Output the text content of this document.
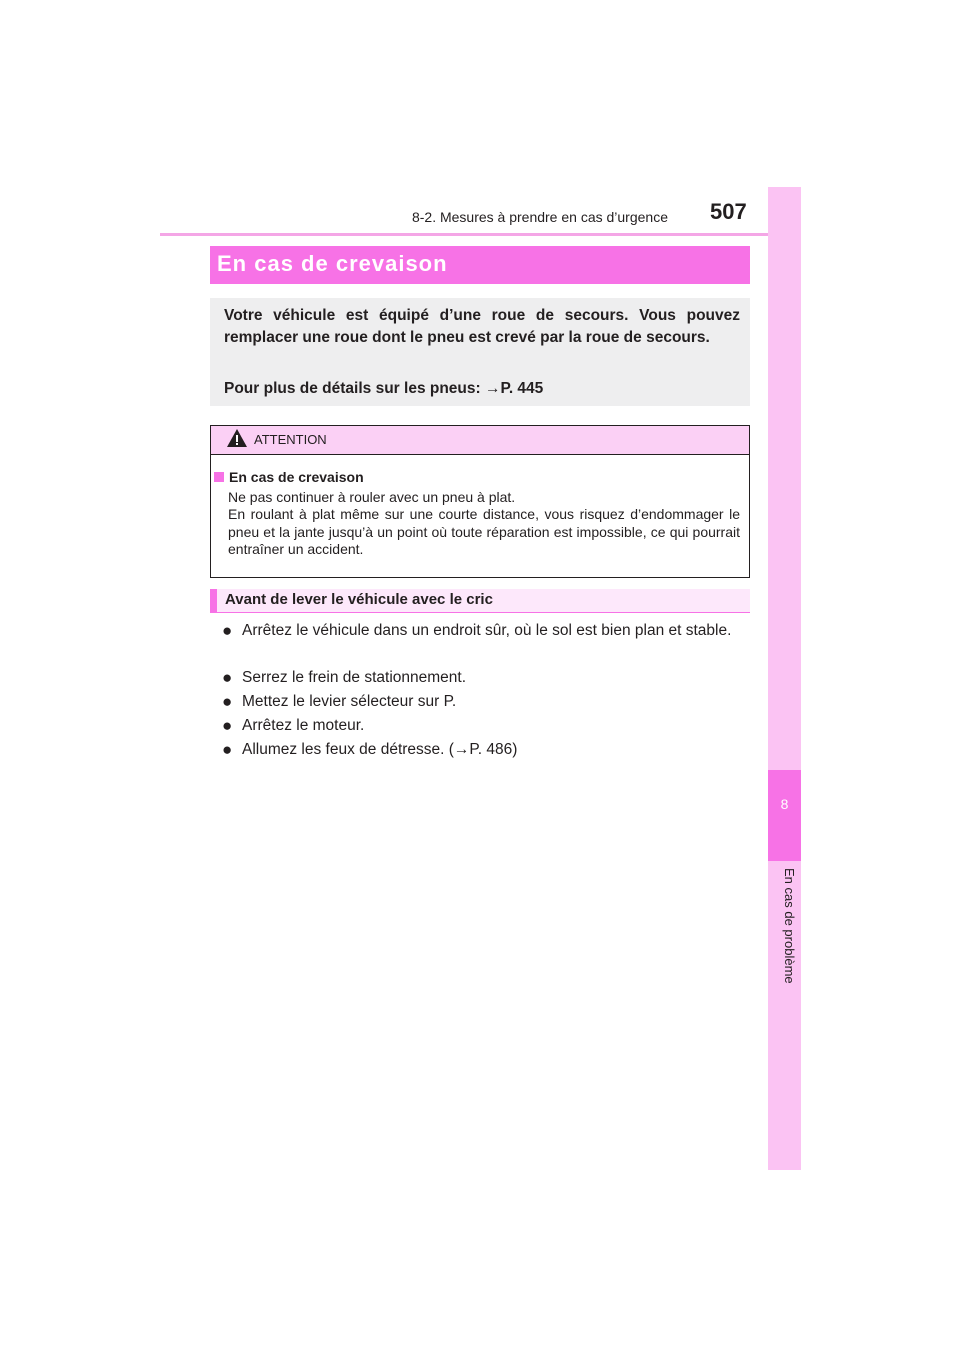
8-2. Mesures à prendre en cas d’urgence 507
8
En cas de problème
En cas de crevaison
Votre véhicule est équipé d’une roue de secours. Vous pouvez remplacer une roue dont le pneu est crevé par la roue de secours.
Pour plus de détails sur les pneus: →P. 445
ATTENTION
En cas de crevaison
Ne pas continuer à rouler avec un pneu à plat.
En roulant à plat même sur une courte distance, vous risquez d’endommager le pneu et la jante jusqu’à un point où toute réparation est impossible, ce qui pourrait entraîner un accident.
Avant de lever le véhicule avec le cric
● Arrêtez le véhicule dans un endroit sûr, où le sol est bien plan et stable.
● Serrez le frein de stationnement.
● Mettez le levier sélecteur sur P.
● Arrêtez le moteur.
● Allumez les feux de détresse. (→P. 486)
